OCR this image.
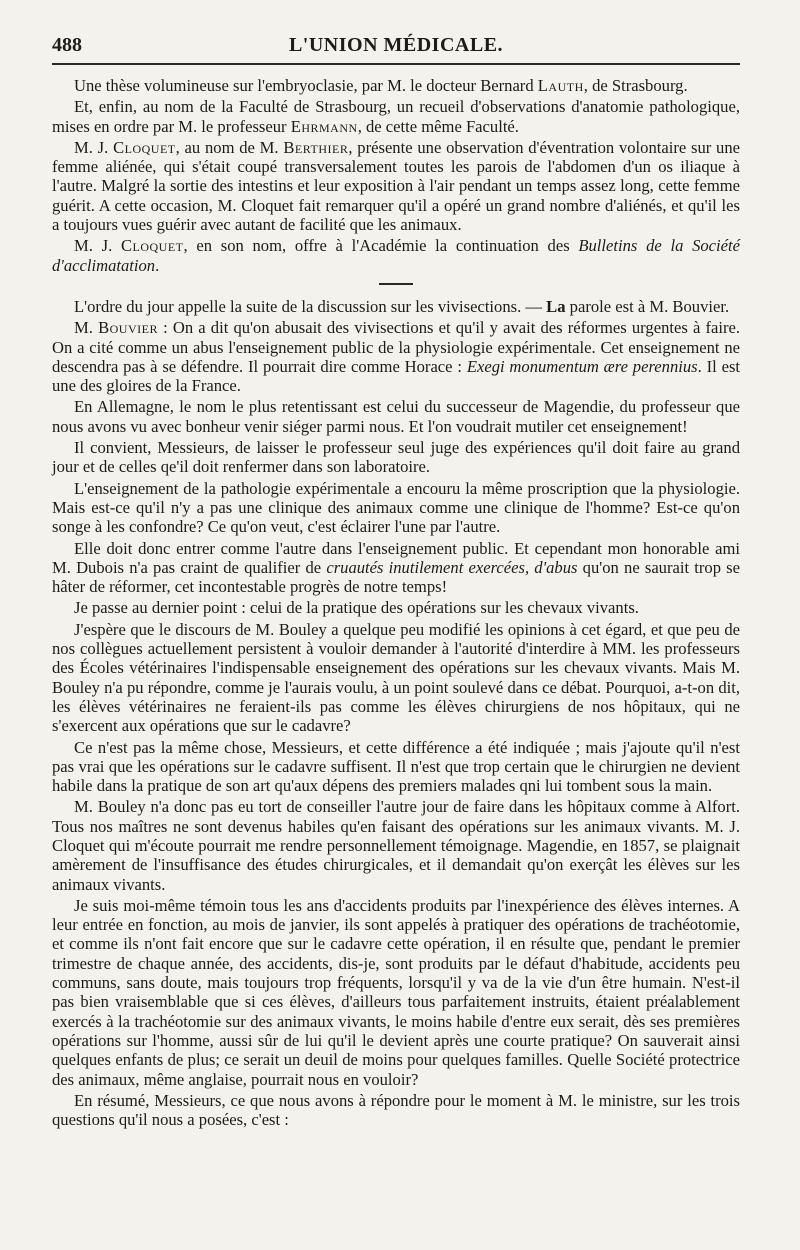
488	L'UNION MÉDICALE.

Une thèse volumineuse sur l'embryoclasie, par M. le docteur Bernard Lauth, de Strasbourg.

Et, enfin, au nom de la Faculté de Strasbourg, un recueil d'observations d'anatomie pathologique, mises en ordre par M. le professeur Ehrmann, de cette même Faculté.

M. J. Cloquet, au nom de M. Berthier, présente une observation d'éventration volontaire sur une femme aliénée, qui s'était coupé transversalement toutes les parois de l'abdomen d'un os iliaque à l'autre. Malgré la sortie des intestins et leur exposition à l'air pendant un temps assez long, cette femme guérit. A cette occasion, M. Cloquet fait remarquer qu'il a opéré un grand nombre d'aliénés, et qu'il les a toujours vues guérir avec autant de facilité que les animaux.

M. J. Cloquet, en son nom, offre à l'Académie la continuation des Bulletins de la Société d'acclimatation.

L'ordre du jour appelle la suite de la discussion sur les vivisections. — La parole est à M. Bouvier.

M. Bouvier : On a dit qu'on abusait des vivisections et qu'il y avait des réformes urgentes à faire. On a cité comme un abus l'enseignement public de la physiologie expérimentale. Cet enseignement ne descendra pas à se défendre. Il pourrait dire comme Horace : Exegi monumentum ære perennius. Il est une des gloires de la France.

En Allemagne, le nom le plus retentissant est celui du successeur de Magendie, du professeur que nous avons vu avec bonheur venir siéger parmi nous. Et l'on voudrait mutiler cet enseignement!

Il convient, Messieurs, de laisser le professeur seul juge des expériences qu'il doit faire au grand jour et de celles qe'il doit renfermer dans son laboratoire.

L'enseignement de la pathologie expérimentale a encouru la même proscription que la physiologie. Mais est-ce qu'il n'y a pas une clinique des animaux comme une clinique de l'homme? Est-ce qu'on songe à les confondre? Ce qu'on veut, c'est éclairer l'une par l'autre.

Elle doit donc entrer comme l'autre dans l'enseignement public. Et cependant mon honorable ami M. Dubois n'a pas craint de qualifier de cruautés inutilement exercées, d'abus qu'on ne saurait trop se hâter de réformer, cet incontestable progrès de notre temps!

Je passe au dernier point : celui de la pratique des opérations sur les chevaux vivants.

J'espère que le discours de M. Bouley a quelque peu modifié les opinions à cet égard, et que peu de nos collègues actuellement persistent à vouloir demander à l'autorité d'interdire à MM. les professeurs des Écoles vétérinaires l'indispensable enseignement des opérations sur les chevaux vivants. Mais M. Bouley n'a pu répondre, comme je l'aurais voulu, à un point soulevé dans ce débat. Pourquoi, a-t-on dit, les élèves vétérinaires ne feraient-ils pas comme les élèves chirurgiens de nos hôpitaux, qui ne s'exercent aux opérations que sur le cadavre?

Ce n'est pas la même chose, Messieurs, et cette différence a été indiquée ; mais j'ajoute qu'il n'est pas vrai que les opérations sur le cadavre suffisent. Il n'est que trop certain que le chirurgien ne devient habile dans la pratique de son art qu'aux dépens des premiers malades qni lui tombent sous la main.

M. Bouley n'a donc pas eu tort de conseiller l'autre jour de faire dans les hôpitaux comme à Alfort. Tous nos maîtres ne sont devenus habiles qu'en faisant des opérations sur les animaux vivants. M. J. Cloquet qui m'écoute pourrait me rendre personnellement témoignage. Magendie, en 1857, se plaignait amèrement de l'insuffisance des études chirurgicales, et il demandait qu'on exerçât les élèves sur les animaux vivants.

Je suis moi-même témoin tous les ans d'accidents produits par l'inexpérience des élèves internes. A leur entrée en fonction, au mois de janvier, ils sont appelés à pratiquer des opérations de trachéotomie, et comme ils n'ont fait encore que sur le cadavre cette opération, il en résulte que, pendant le premier trimestre de chaque année, des accidents, dis-je, sont produits par le défaut d'habitude, accidents peu communs, sans doute, mais toujours trop fréquents, lorsqu'il y va de la vie d'un être humain. N'est-il pas bien vraisemblable que si ces élèves, d'ailleurs tous parfaitement instruits, étaient préalablement exercés à la trachéotomie sur des animaux vivants, le moins habile d'entre eux serait, dès ses premières opérations sur l'homme, aussi sûr de lui qu'il le devient après une courte pratique? On sauverait ainsi quelques enfants de plus; ce serait un deuil de moins pour quelques familles. Quelle Société protectrice des animaux, même anglaise, pourrait nous en vouloir?

En résumé, Messieurs, ce que nous avons à répondre pour le moment à M. le ministre, sur les trois questions qu'il nous a posées, c'est :
